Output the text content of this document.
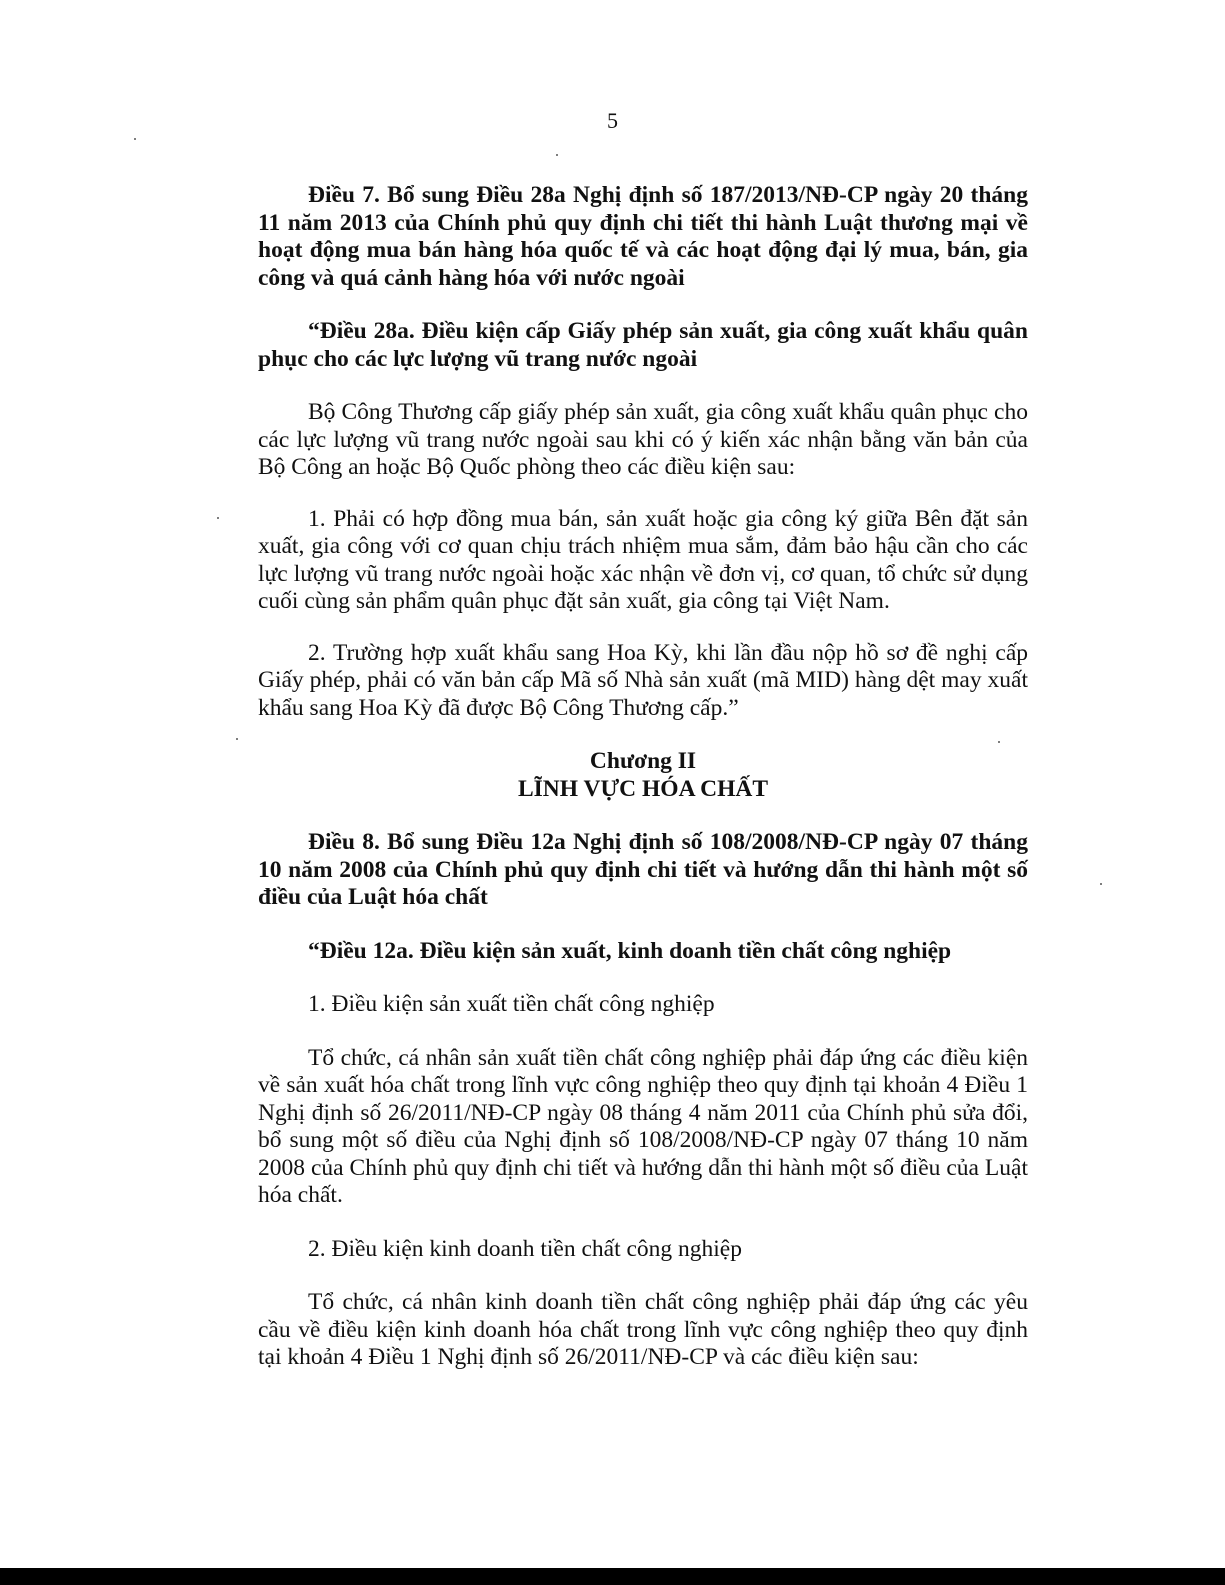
5

Điều 7. Bổ sung Điều 28a Nghị định số 187/2013/NĐ-CP ngày 20 tháng 11 năm 2013 của Chính phủ quy định chi tiết thi hành Luật thương mại về hoạt động mua bán hàng hóa quốc tế và các hoạt động đại lý mua, bán, gia công và quá cảnh hàng hóa với nước ngoài

“Điều 28a. Điều kiện cấp Giấy phép sản xuất, gia công xuất khẩu quân phục cho các lực lượng vũ trang nước ngoài

Bộ Công Thương cấp giấy phép sản xuất, gia công xuất khẩu quân phục cho các lực lượng vũ trang nước ngoài sau khi có ý kiến xác nhận bằng văn bản của Bộ Công an hoặc Bộ Quốc phòng theo các điều kiện sau:

1. Phải có hợp đồng mua bán, sản xuất hoặc gia công ký giữa Bên đặt sản xuất, gia công với cơ quan chịu trách nhiệm mua sắm, đảm bảo hậu cần cho các lực lượng vũ trang nước ngoài hoặc xác nhận về đơn vị, cơ quan, tổ chức sử dụng cuối cùng sản phẩm quân phục đặt sản xuất, gia công tại Việt Nam.

2. Trường hợp xuất khẩu sang Hoa Kỳ, khi lần đầu nộp hồ sơ đề nghị cấp Giấy phép, phải có văn bản cấp Mã số Nhà sản xuất (mã MID) hàng dệt may xuất khẩu sang Hoa Kỳ đã được Bộ Công Thương cấp.”

Chương II
LĨNH VỰC HÓA CHẤT

Điều 8. Bổ sung Điều 12a Nghị định số 108/2008/NĐ-CP ngày 07 tháng 10 năm 2008 của Chính phủ quy định chi tiết và hướng dẫn thi hành một số điều của Luật hóa chất

“Điều 12a. Điều kiện sản xuất, kinh doanh tiền chất công nghiệp

1. Điều kiện sản xuất tiền chất công nghiệp

Tổ chức, cá nhân sản xuất tiền chất công nghiệp phải đáp ứng các điều kiện về sản xuất hóa chất trong lĩnh vực công nghiệp theo quy định tại khoản 4 Điều 1 Nghị định số 26/2011/NĐ-CP ngày 08 tháng 4 năm 2011 của Chính phủ sửa đổi, bổ sung một số điều của Nghị định số 108/2008/NĐ-CP ngày 07 tháng 10 năm 2008 của Chính phủ quy định chi tiết và hướng dẫn thi hành một số điều của Luật hóa chất.

2. Điều kiện kinh doanh tiền chất công nghiệp

Tổ chức, cá nhân kinh doanh tiền chất công nghiệp phải đáp ứng các yêu cầu về điều kiện kinh doanh hóa chất trong lĩnh vực công nghiệp theo quy định tại khoản 4 Điều 1 Nghị định số 26/2011/NĐ-CP và các điều kiện sau:
